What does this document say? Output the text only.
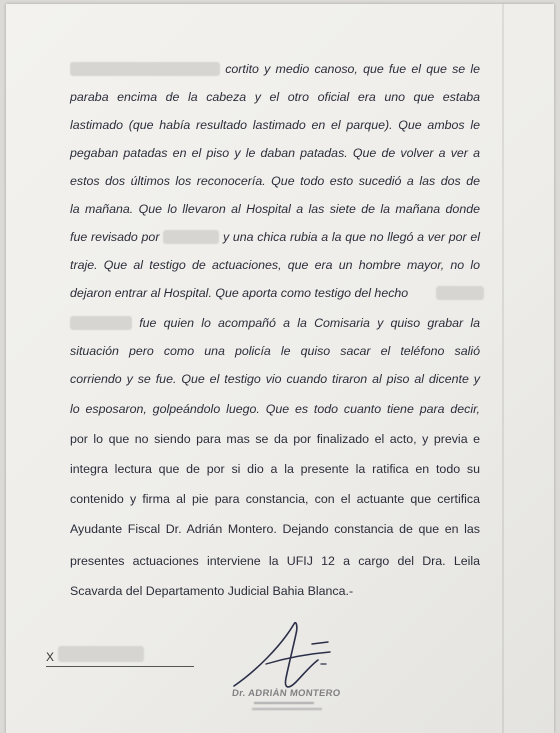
cortito y medio canoso, que fue el que se le
paraba encima de la cabeza y el otro oficial era uno que estaba
lastimado (que había resultado lastimado en el parque). Que ambos le
pegaban patadas en el piso y le daban patadas. Que de volver a ver a
estos dos últimos los reconocería. Que todo esto sucedió a las dos de
la mañana. Que lo llevaron al Hospital a las siete de la mañana donde
fue revisado por	y una chica rubia a la que no llegó a ver por el
traje. Que al testigo de actuaciones, que era un hombre mayor, no lo
dejaron entrar al Hospital. Que aporta como testigo del hecho
fue quien lo acompañó a la Comisaria y quiso grabar la
situación pero como una policía le quiso sacar el teléfono salió
corriendo y se fue. Que el testigo vio cuando tiraron al piso al dicente y
lo esposaron, golpeándolo luego. Que es todo cuanto tiene para decir,
por lo que no siendo para mas se da por finalizado el acto, y previa e
integra lectura que de por si dio a la presente la ratifica en todo su
contenido y firma al pie para constancia, con el actuante que certifica
Ayudante Fiscal Dr. Adrián Montero. Dejando constancia de que en las
presentes actuaciones interviene la UFIJ 12 a cargo del Dra. Leila
Scavarda del Departamento Judicial Bahia Blanca.-
X
Dr. ADRIÁN MONTERO
